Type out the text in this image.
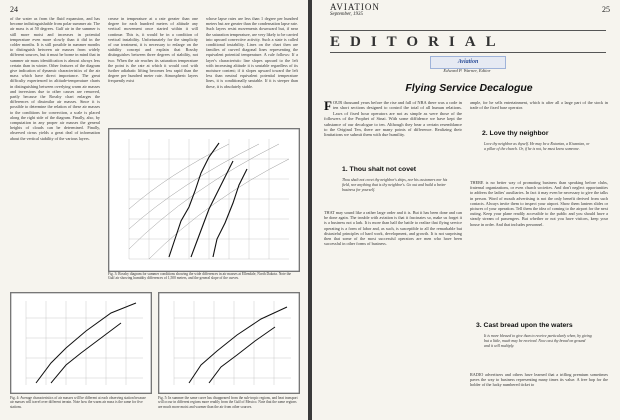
24
of the water as from the fluid expansion, and has become indistinguishable from polar summer air. The air mass is at 50 degrees. Gulf air in the summer is still more moist and increases in potential temperature even more slowly than it did in the colder months. It is still possible in summer months to distinguish between air masses from widely different sources, but it must be borne in mind that in summer air mass identification is almost always less certain than in winter. Other features of the diagram give indication of dynamic characteristics of the air mass which have direct importance. The great difficulty experienced in altitude-temperature charts in distinguishing between overlying warm air masses and inversions due to other causes are removed, partly because the Rossby chart enlarges the differences of dissimilar air masses. Since it is possible to determine the relation of these air masses to the conditions for convection, a scale is placed along the right side of the diagram. Finally, also, by computation in any proper air masses the general heights of clouds can be determined. Finally, observed cirrus yields a great deal of information about the vertical stability of the various layers.
crease in temperature at a rate greater than one degree for each hundred meters of altitude any vertical movement once started within it will continue. This is, it would be in a condition of vertical instability. Unfortunately for the simplicity of our treatment, it is necessary to enlarge on the stability concept and explain that Rossby distinguishes between three degrees of stability, not two. When the air reaches its saturation temperature the point is the rate at which it would cool with further adiabatic lifting becomes less rapid than the degree per hundred meter rate. Atmospheric layers frequently exist
whose lapse rates are less than 1 degree per hundred meters but are greater than the condensation lapse rate. Such layers resist movements downward but, if near the saturation temperature, are very likely to be carried into upward convective activity. Such a state is called conditional instability. Lines on the chart then are families of curved diagonal lines representing the equivalent potential temperature. A rule follows: If a layer's characteristic line slopes upward to the left with increasing altitude it is unstable regardless of its moisture content; if it slopes upward toward the left less than neutral equivalent potential temperature lines, it is conditionally unstable. If it is steeper than these, it is absolutely stable.
Fig. 3: Rossby diagram for summer conditions showing the wide differences in air masses at Ellendale, North Dakota. Note the Gulf air showing humidity differences of 1,500 meters, and the general slope of the curves.
Fig. 4: Average characteristics of air masses will be different at each observing station because air masses will travel over different terrain. Note how the warm air mass is the same for five stations.
Fig. 5: In summer the same curve has disappeared from the sub-tropic regions, and heat transport will occur in different regions more readily from the Gulf of Mexico. Note that the same regions are much more moist and warmer than the air from other sources.
AVIATION
September, 1935
25
EDITORIAL
Aviation
Edward P. Warner, Editor
Flying Service Decalogue
FOUR thousand years before the rise and fall of NRA there was a code in ten short sections designed to control the total of all human relations. Laws of fixed hour operators are not as simple as were those of the followers of the Prophet of Sinai. With some diffidence we have kept the substance of our decalogue to ten. Although they bear a certain resemblance to the Original Ten, there are many points of difference. Realizing their limitations we submit them with due humility.
1. Thou shalt not covet
Thou shalt not covet thy neighbor's ships, nor his customers nor his field, nor anything that is thy neighbor's. Go out and build a better business for yourself.
THAT may sound like a rather large order and it is. But it has been done and can be done again. The trouble with aviation is that it fascinates so, make us forget it is a business not a lark. It is more than half the battle to realize that flying service operating is a form of labor and, as such, is susceptible to all the remarkable but distasteful principles of hard work, development, and growth. It is not surprising then that some of the most successful operators are men who have been successful in other forms of business.
ample, for he sells entertainment, which is after all a large part of the stock in trade of the fixed base operator.
2. Love thy neighbor
Love thy neighbor as thyself. He may be a Rotarian, a Kiwanian, or a pillar of the church. Or, if he is not, he must know someone.
THERE is no better way of promoting business than speaking before clubs, fraternal organizations, or even church societies. And don't neglect opportunities to address the ladies' auxiliaries. In fact it may even be necessary to give the talks in person. Word of mouth advertising is not the only benefit derived from such contacts. Always invite them to inspect your airport. Show them lantern slides or pictures of your operation. Tell them the idea of coming to the airport for the next outing. Keep your plane readily accessible to the public and you should have a steady stream of passengers. But whether or not you have visitors, keep your house in order. And that includes personnel.
3. Cast bread upon the waters
It is more blessed to give than to receive particularly when, by giving but a little, much may be received. Now cast thy bread on ground and it will multiply.
RADIO advertisers and others have learned that a trifling premium sometimes paves the way to business representing many times its value. A free hop for the holder of the lucky numbered ticket to
